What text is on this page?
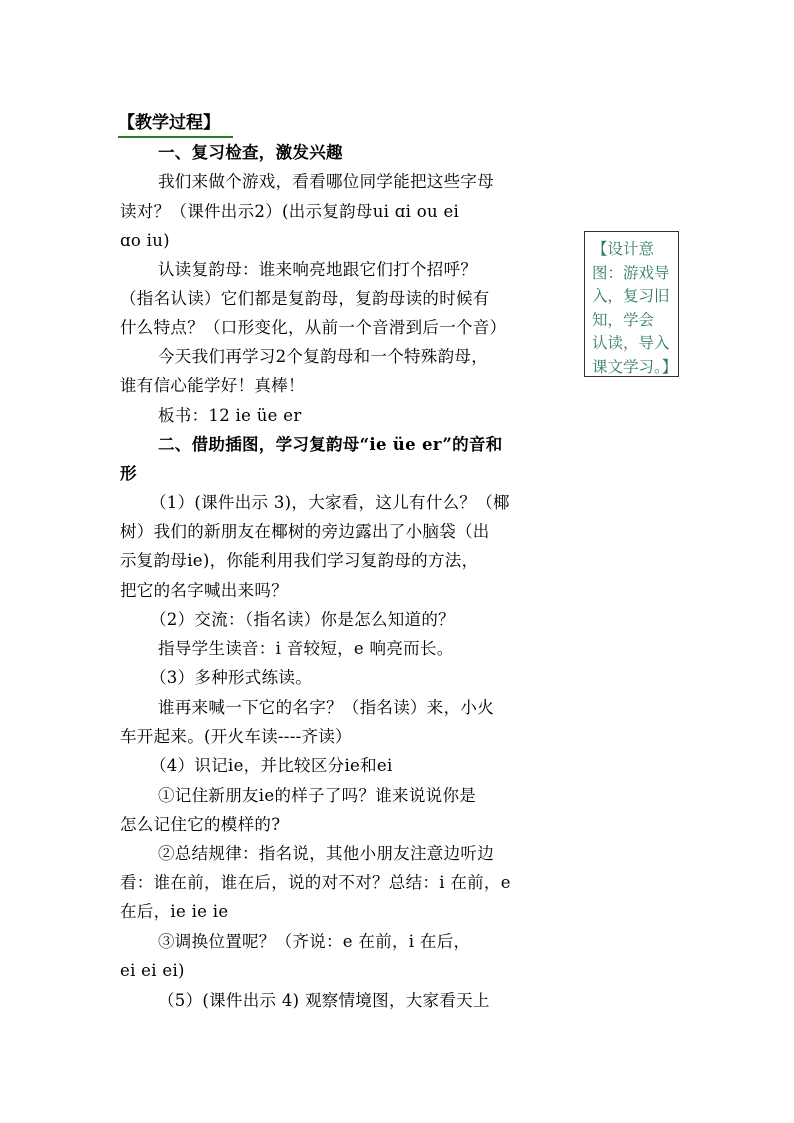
【教学过程】
一、复习检查，激发兴趣
我们来做个游戏，看看哪位同学能把这些字母
读对？（课件出示2）(出示复韵母ui ɑi ou ei
ɑo iu)
认读复韵母：谁来响亮地跟它们打个招呼？
（指名认读）它们都是复韵母，复韵母读的时候有
什么特点？（口形变化，从前一个音滑到后一个音）
今天我们再学习2个复韵母和一个特殊韵母，
谁有信心能学好！真棒！
板书：12 ie üe er
二、借助插图，学习复韵母“ie üe er”的音和
形
（1）(课件出示 3)，大家看，这儿有什么？（椰
树）我们的新朋友在椰树的旁边露出了小脑袋（出
示复韵母ie)，你能利用我们学习复韵母的方法，
把它的名字喊出来吗？
（2）交流：（指名读）你是怎么知道的？
指导学生读音：i 音较短，e 响亮而长。
（3）多种形式练读。
谁再来喊一下它的名字？（指名读）来，小火
车开起来。(开火车读----齐读）
（4）识记ie，并比较区分ie和ei
①记住新朋友ie的样子了吗？谁来说说你是
怎么记住它的模样的?
②总结规律：指名说，其他小朋友注意边听边
看：谁在前，谁在后，说的对不对？总结：i 在前，e
在后，ie ie ie
③调换位置呢？（齐说：e 在前，i 在后，
ei ei ei)
（5）(课件出示 4) 观察情境图，大家看天上
【设计意
图：游戏导
入，复习旧
知，学会
认读，导入
课文学习。】
